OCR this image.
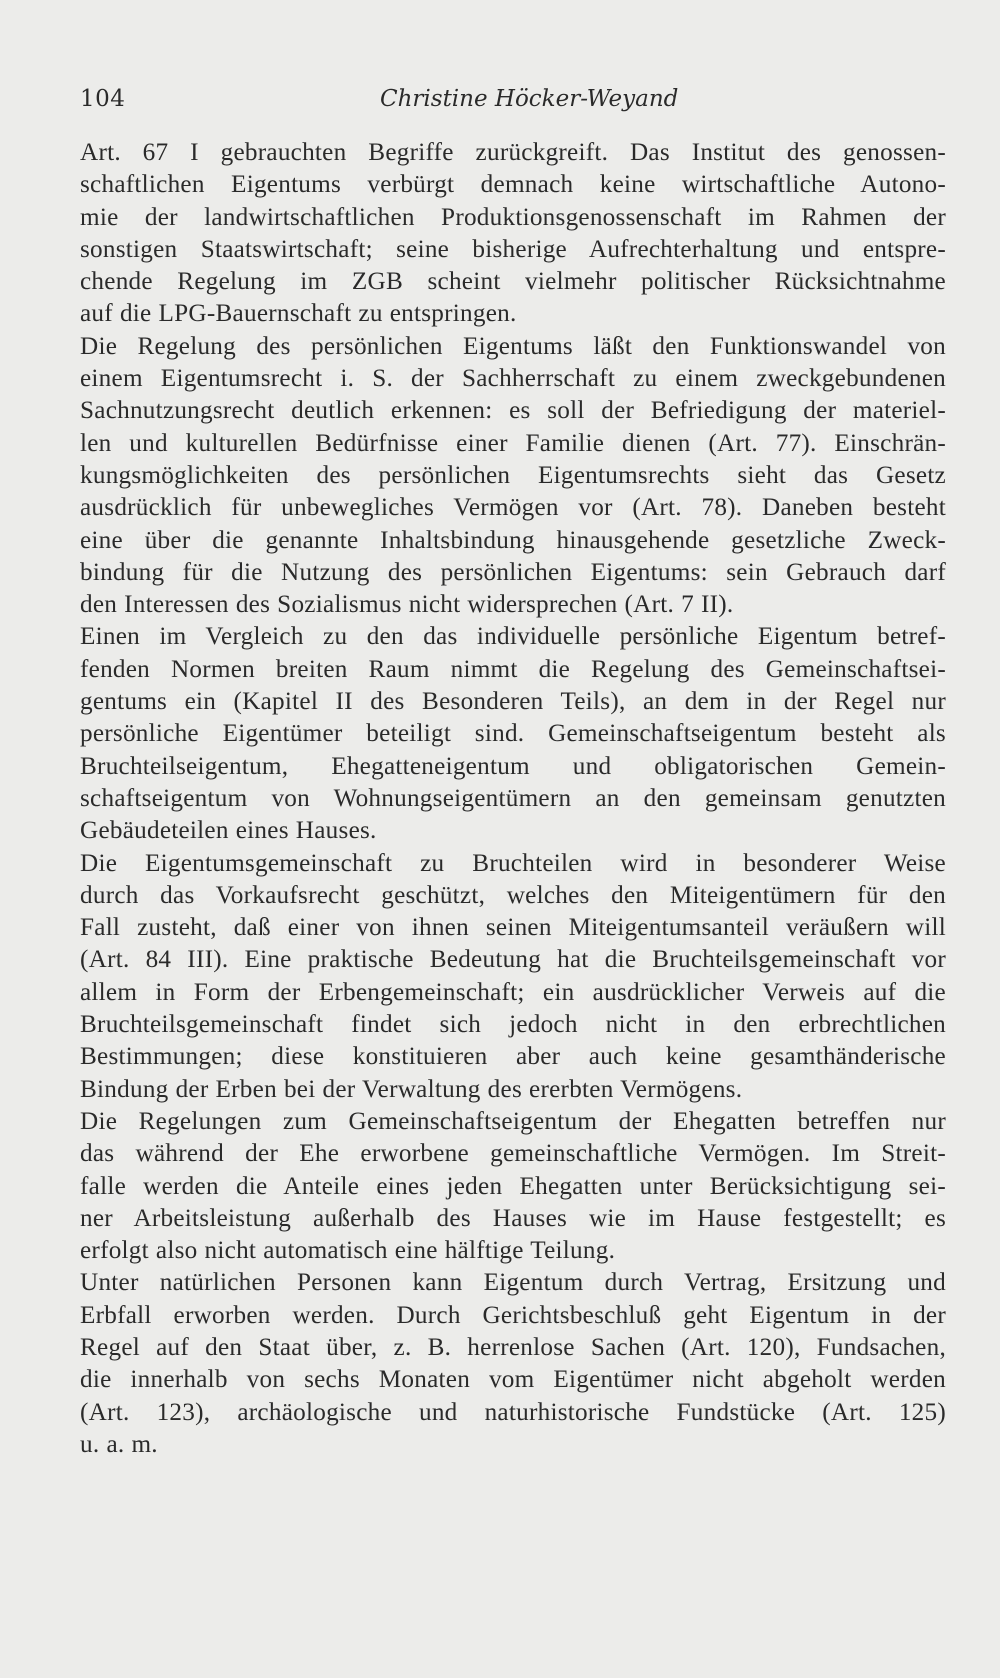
104	Christine Höcker-Weyand
Art. 67 I gebrauchten Begriffe zurückgreift. Das Institut des genossen-
schaftlichen Eigentums verbürgt demnach keine wirtschaftliche Autono-
mie der landwirtschaftlichen Produktionsgenossenschaft im Rahmen der
sonstigen Staatswirtschaft; seine bisherige Aufrechterhaltung und entspre-
chende Regelung im ZGB scheint vielmehr politischer Rücksichtnahme
auf die LPG-Bauernschaft zu entspringen.
Die Regelung des persönlichen Eigentums läßt den Funktionswandel von
einem Eigentumsrecht i. S. der Sachherrschaft zu einem zweckgebundenen
Sachnutzungsrecht deutlich erkennen: es soll der Befriedigung der materiel-
len und kulturellen Bedürfnisse einer Familie dienen (Art. 77). Einschrän-
kungsmöglichkeiten des persönlichen Eigentumsrechts sieht das Gesetz
ausdrücklich für unbewegliches Vermögen vor (Art. 78). Daneben besteht
eine über die genannte Inhaltsbindung hinausgehende gesetzliche Zweck-
bindung für die Nutzung des persönlichen Eigentums: sein Gebrauch darf
den Interessen des Sozialismus nicht widersprechen (Art. 7 II).
Einen im Vergleich zu den das individuelle persönliche Eigentum betref-
fenden Normen breiten Raum nimmt die Regelung des Gemeinschaftsei-
gentums ein (Kapitel II des Besonderen Teils), an dem in der Regel nur
persönliche Eigentümer beteiligt sind. Gemeinschaftseigentum besteht als
Bruchteilseigentum, Ehegatteneigentum und obligatorischen Gemein-
schaftseigentum von Wohnungseigentümern an den gemeinsam genutzten
Gebäudeteilen eines Hauses.
Die Eigentumsgemeinschaft zu Bruchteilen wird in besonderer Weise
durch das Vorkaufsrecht geschützt, welches den Miteigentümern für den
Fall zusteht, daß einer von ihnen seinen Miteigentumsanteil veräußern will
(Art. 84 III). Eine praktische Bedeutung hat die Bruchteilsgemeinschaft vor
allem in Form der Erbengemeinschaft; ein ausdrücklicher Verweis auf die
Bruchteilsgemeinschaft findet sich jedoch nicht in den erbrechtlichen
Bestimmungen; diese konstituieren aber auch keine gesamthänderische
Bindung der Erben bei der Verwaltung des ererbten Vermögens.
Die Regelungen zum Gemeinschaftseigentum der Ehegatten betreffen nur
das während der Ehe erworbene gemeinschaftliche Vermögen. Im Streit-
falle werden die Anteile eines jeden Ehegatten unter Berücksichtigung sei-
ner Arbeitsleistung außerhalb des Hauses wie im Hause festgestellt; es
erfolgt also nicht automatisch eine hälftige Teilung.
Unter natürlichen Personen kann Eigentum durch Vertrag, Ersitzung und
Erbfall erworben werden. Durch Gerichtsbeschluß geht Eigentum in der
Regel auf den Staat über, z. B. herrenlose Sachen (Art. 120), Fundsachen,
die innerhalb von sechs Monaten vom Eigentümer nicht abgeholt werden
(Art. 123), archäologische und naturhistorische Fundstücke (Art. 125)
u. a. m.
